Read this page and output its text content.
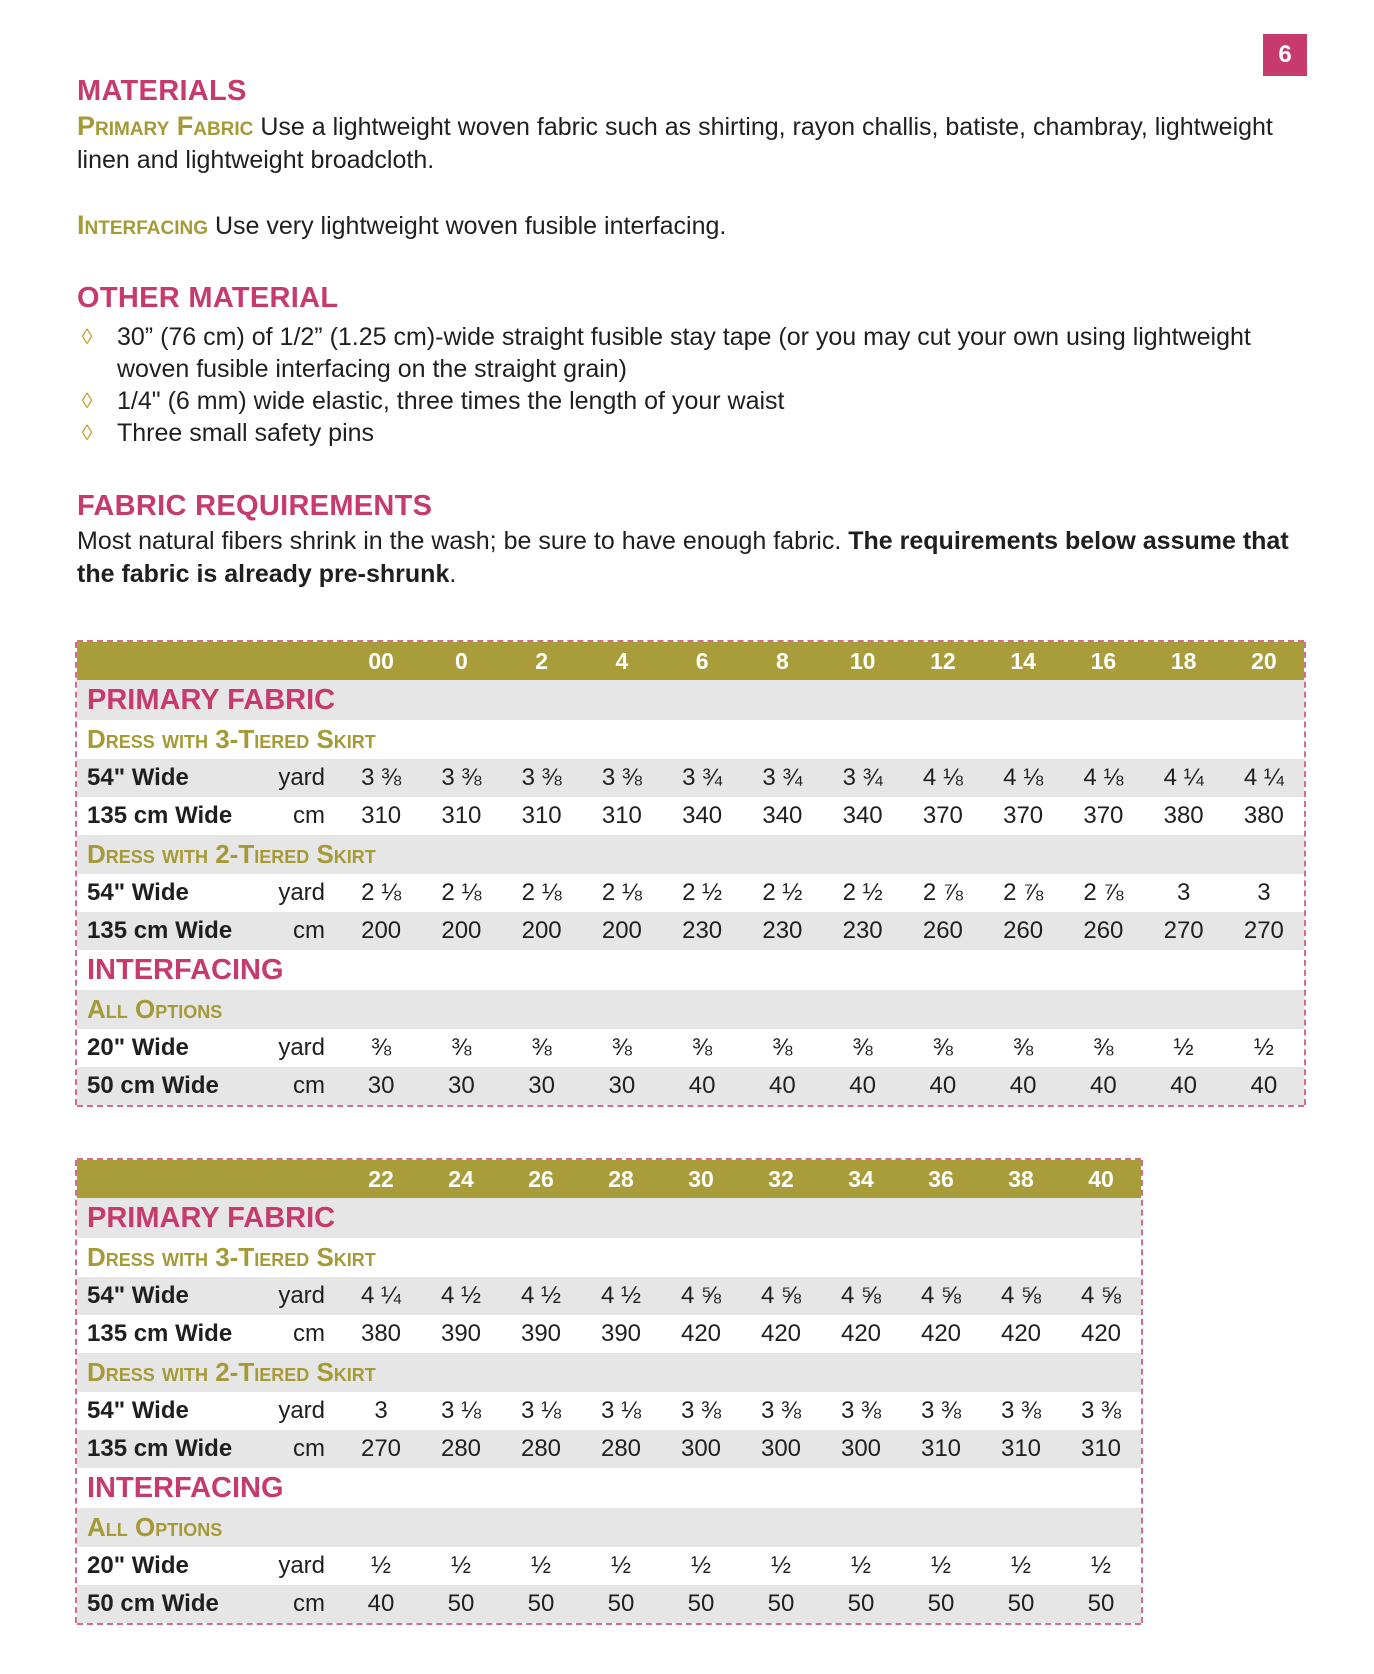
6
MATERIALS

Primary Fabric Use a lightweight woven fabric such as shirting, rayon challis, batiste, chambray, lightweight linen and lightweight broadcloth.

Interfacing Use very lightweight woven fusible interfacing.

OTHER MATERIAL
◊ 30” (76 cm) of 1/2” (1.25 cm)-wide straight fusible stay tape (or you may cut your own using lightweight woven fusible interfacing on the straight grain)
◊ 1/4" (6 mm) wide elastic, three times the length of your waist
◊ Three small safety pins
FABRIC REQUIREMENTS

Most natural fibers shrink in the wash; be sure to have enough fabric. The requirements below assume that the fabric is already pre-shrunk.

		00	0	2	4	6	8	10	12	14	16	18	20
PRIMARY FABRIC													
Dress with 3-Tiered Skirt													
54" Wide	yard	3 ⅜	3 ⅜	3 ⅜	3 ⅜	3 ¾	3 ¾	3 ¾	4 ⅛	4 ⅛	4 ⅛	4 ¼	4 ¼
135 cm Wide	cm	310	310	310	310	340	340	340	370	370	370	380	380
Dress with 2-Tiered Skirt													
54" Wide	yard	2 ⅛	2 ⅛	2 ⅛	2 ⅛	2 ½	2 ½	2 ½	2 ⅞	2 ⅞	2 ⅞	3	3
135 cm Wide	cm	200	200	200	200	230	230	230	260	260	260	270	270
INTERFACING													
All Options													
20" Wide	yard	⅜	⅜	⅜	⅜	⅜	⅜	⅜	⅜	⅜	⅜	½	½
50 cm Wide	cm	30	30	30	30	40	40	40	40	40	40	40	40
		22	24	26	28	30	32	34	36	38	40
PRIMARY FABRIC											
Dress with 3-Tiered Skirt											
54" Wide	yard	4 ¼	4 ½	4 ½	4 ½	4 ⅝	4 ⅝	4 ⅝	4 ⅝	4 ⅝	4 ⅝
135 cm Wide	cm	380	390	390	390	420	420	420	420	420	420
Dress with 2-Tiered Skirt											
54" Wide	yard	3	3 ⅛	3 ⅛	3 ⅛	3 ⅜	3 ⅜	3 ⅜	3 ⅜	3 ⅜	3 ⅜
135 cm Wide	cm	270	280	280	280	300	300	300	310	310	310
INTERFACING											
All Options											
20" Wide	yard	½	½	½	½	½	½	½	½	½	½
50 cm Wide	cm	40	50	50	50	50	50	50	50	50	50
